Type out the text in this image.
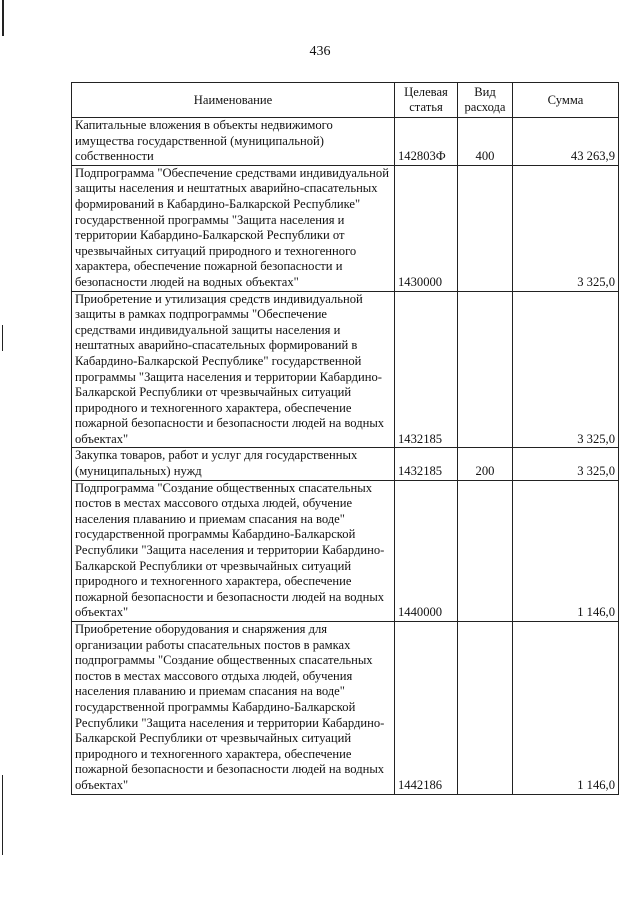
436
Наименование	Целевая статья	Вид расхода	Сумма
Капитальные вложения в объекты недвижимого имущества государственной (муниципальной) собственности	142803Ф	400	43 263,9
Подпрограмма "Обеспечение средствами индивидуальной защиты населения и нештатных аварийно-спасательных формирований в Кабардино-Балкарской Республике" государственной программы "Защита населения и территории Кабардино-Балкарской Республики от чрезвычайных ситуаций природного и техногенного характера, обеспечение пожарной безопасности и безопасности людей на водных объектах"	1430000		3 325,0
Приобретение и утилизация средств индивидуальной защиты в рамках подпрограммы "Обеспечение средствами индивидуальной защиты населения и нештатных аварийно-спасательных формирований в Кабардино-Балкарской Республике" государственной программы "Защита населения и территории Кабардино-Балкарской Республики от чрезвычайных ситуаций природного и техногенного характера, обеспечение пожарной безопасности и безопасности людей на водных объектах"	1432185		3 325,0
Закупка товаров, работ и услуг для государственных (муниципальных) нужд	1432185	200	3 325,0
Подпрограмма "Создание общественных спасательных постов в местах массового отдыха людей, обучение населения плаванию и приемам спасания на воде" государственной программы Кабардино-Балкарской Республики "Защита населения и территории Кабардино-Балкарской Республики от чрезвычайных ситуаций природного и техногенного характера, обеспечение пожарной безопасности и безопасности людей на водных объектах"	1440000		1 146,0
Приобретение оборудования и снаряжения для организации работы спасательных постов в рамках подпрограммы "Создание общественных спасательных постов в местах массового отдыха людей, обучения населения плаванию и приемам спасания на воде" государственной программы Кабардино-Балкарской Республики "Защита населения и территории Кабардино-Балкарской Республики от чрезвычайных ситуаций природного и техногенного характера, обеспечение пожарной безопасности и безопасности людей на водных объектах"	1442186		1 146,0
